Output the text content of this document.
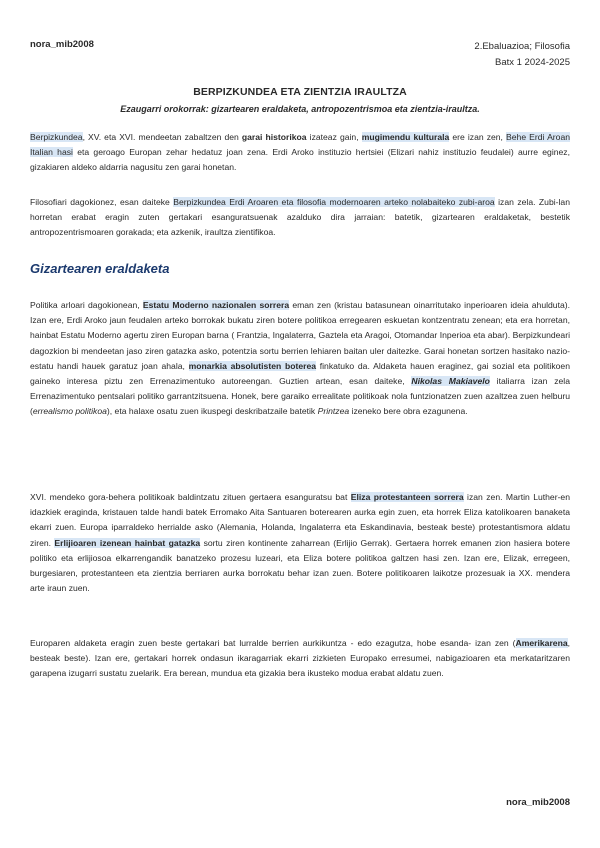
nora_mib2008	2.Ebaluazioa; Filosofia
Batx 1 2024-2025
BERPIZKUNDEA ETA ZIENTZIA IRAULTZA
Ezaugarri orokorrak: gizartearen eraldaketa, antropozentrismoa eta zientzia-iraultza.

Berpizkundea, XV. eta XVI. mendeetan zabaltzen den garai historikoa izateaz gain, mugimendu kulturala ere izan zen, Behe Erdi Aroan Italian hasi eta geroago Europan zehar hedatuz joan zena. Erdi Aroko instituzio hertsiei (Elizari nahiz instituzio feudalei) aurre eginez, gizakiaren aldeko aldarria nagusitu zen garai honetan.

Filosofiari dagokionez, esan daiteke Berpizkundea Erdi Aroaren eta filosofia modernoaren arteko nolabaiteko zubi-aroa izan zela. Zubi-lan horretan erabat eragin zuten gertakari esanguratsuenak azalduko dira jarraian: batetik, gizartearen eraldaketak, bestetik antropozentrismoaren gorakada; eta azkenik, iraultza zientifikoa.

Gizartearen eraldaketa

Politika arloari dagokionean, Estatu Moderno nazionalen sorrera eman zen (kristau batasunean oinarritutako inperioaren ideia ahulduta). Izan ere, Erdi Aroko jaun feudalen arteko borrokak bukatu ziren botere politikoa erregearen eskuetan kontzentratu zenean; eta era horretan, hainbat Estatu Moderno agertu ziren Europan barna ( Frantzia, Ingalaterra, Gaztela eta Aragoi, Otomandar Inperioa eta abar). Berpizkundeari dagozkion bi mendeetan jaso ziren gatazka asko, potentzia sortu berrien lehiaren baitan uler daitezke. Garai honetan sortzen hasitako nazio-estatu handi hauek garatuz joan ahala, monarkia absolutisten boterea finkatuko da. Aldaketa hauen eraginez, gai sozial eta politikoen gaineko interesa piztu zen Errenazimentuko autoreengan. Guztien artean, esan daiteke, Nikolas Makiavelo italiarra izan zela Errenazimentuko pentsalari politiko garrantzitsuena. Honek, bere garaiko errealitate politikoak nola funtzionatzen zuen azaltzea zuen helburu (errealismo politikoa), eta halaxe osatu zuen ikuspegi deskribatzaile batetik Printzea izeneko bere obra ezagunena.

XVI. mendeko gora-behera politikoak baldintzatu zituen gertaera esanguratsu bat Eliza protestanteen sorrera izan zen. Martin Luther-en idazkiek eraginda, kristauen talde handi batek Erromako Aita Santuaren boterearen aurka egin zuen, eta horrek Eliza katolikoaren banaketa ekarri zuen. Europa iparraldeko herrialde asko (Alemania, Holanda, Ingalaterra eta Eskandinavia, besteak beste) protestantismora aldatu ziren. Erlijioaren izenean hainbat gatazka sortu ziren kontinente zaharrean (Erlijio Gerrak). Gertaera horrek emanen zion hasiera botere politiko eta erlijiosoa elkarrengandik banatzeko prozesu luzeari, eta Eliza botere politikoa galtzen hasi zen. Izan ere, Elizak, erregeen, burgesiaren, protestanteen eta zientzia berriaren aurka borrokatu behar izan zuen. Botere politikoaren laikotze prozesuak ia XX. mendera arte iraun zuen.

Europaren aldaketa eragin zuen beste gertakari bat lurralde berrien aurkikuntza - edo ezagutza, hobe esanda- izan zen (Amerikarena, besteak beste). Izan ere, gertakari horrek ondasun ikaragarriak ekarri zizkieten Europako erresumei, nabigazioaren eta merkataritzaren garapena izugarri sustatu zuelarik. Era berean, mundua eta gizakia bera ikusteko modua erabat aldatu zuen.

nora_mib2008
